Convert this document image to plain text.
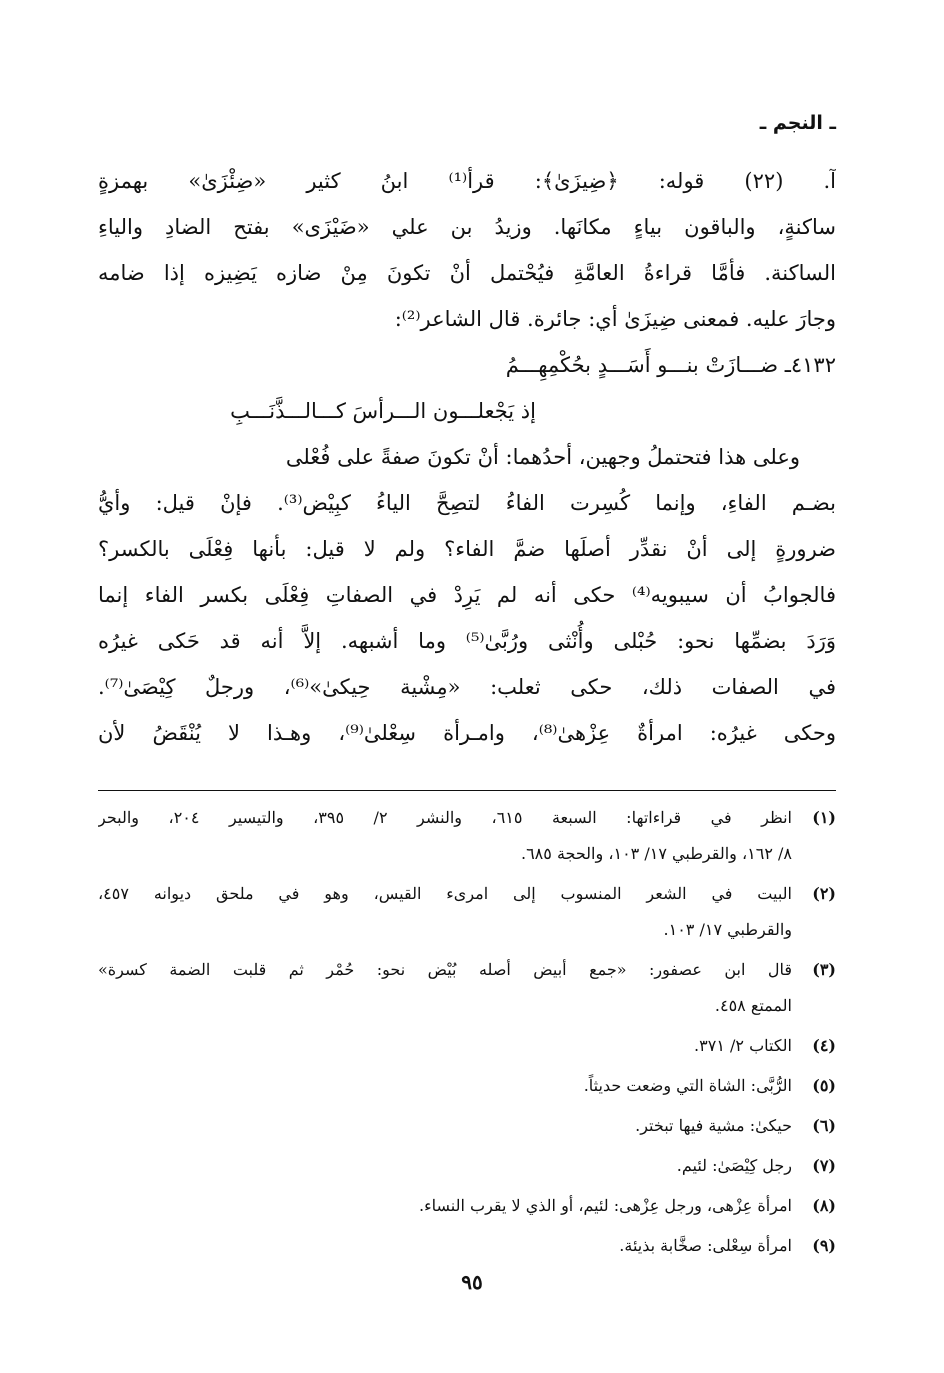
ـ النجم ـ
آ. (٢٢) قوله: ﴿ضِيزَىٰ﴾: قرأ⁽¹⁾ ابنُ كثير «ضِئْزَىٰ» بهمزةٍ
ساكنةٍ، والباقون بياءٍ مكانَها. وزيدُ بن علي «ضَيْزَى» بفتح الضادِ والياءِ
الساكنة. فأمَّا قراءةُ العامَّةِ فيُحْتمل أنْ تكونَ مِنْ ضازه يَضِيزه إذا ضامه
وجارَ عليه. فمعنى ضِيزَىٰ أي: جائرة. قال الشاعر⁽²⁾:
٤١٣٢ـ ضـــازَتْ بنـــو أَسَـــدٍ بحُكْمِهِـــمُ
إذ يَجْعلـــون الـــرأسَ كـــالـــذَّنَـــبِ
وعلى هذا فتحتملُ وجهين، أحدُهما: أنْ تكونَ صفةً على فُعْلى
بضـم الفاءِ، وإنما كُسِرت الفاءُ لتصِحَّ الياءُ كبِيْض⁽³⁾. فإنْ قيل: وأيُّ
ضرورةٍ إلى أنْ نقدِّر أصلَها ضمَّ الفاء؟ ولم لا قيل: بأنها فِعْلَى بالكسر؟
فالجوابُ أن سيبويه⁽⁴⁾ حكى أنه لم يَرِدْ في الصفاتِ فِعْلَى بكسر الفاء إنما
وَرَدَ بضمِّها نحو: حُبْلى وأُنْثى ورُبَّىٰ⁽⁵⁾ وما أشبهه. إلاَّ أنه قد حَكى غيرُه
في الصفات ذلك، حكى ثعلب: «مِشْية حِيكىٰ»⁽⁶⁾، ورجلٌ كِيْصَىٰ⁽⁷⁾.
وحكى غيرُه: امرأةٌ عِزْهىٰ⁽⁸⁾، وامـرأة سِعْلىٰ⁽⁹⁾، وهـذا لا يُنْقَضُ لأن
(١)
انظر في قراءاتها: السبعة ٦١٥، والنشر ٢/ ٣٩٥، والتيسير ٢٠٤، والبحر
٨/ ١٦٢، والقرطبي ١٧/ ١٠٣، والحجة ٦٨٥.
(٢)
البيت في الشعر المنسوب إلى امرىء القيس، وهو في ملحق ديوانه ٤٥٧،
والقرطبي ١٧/ ١٠٣.
(٣)
قال ابن عصفور: «جمع أبيض أصله بُيْض نحو: حُمْر ثم قلبت الضمة كسرة»
الممتع ٤٥٨.
(٤)
الكتاب ٢/ ٣٧١.
(٥)
الرُّبَّى: الشاة التي وضعت حديثاً.
(٦)
حيكىٰ: مشية فيها تبختر.
(٧)
رجل كِيْصَىٰ: لئيم.
(٨)
امرأة عِزْهى، ورجل عِزْهى: لئيم، أو الذي لا يقرب النساء.
(٩)
امرأة سِعْلى: صخَّابة بذيئة.
٩٥
